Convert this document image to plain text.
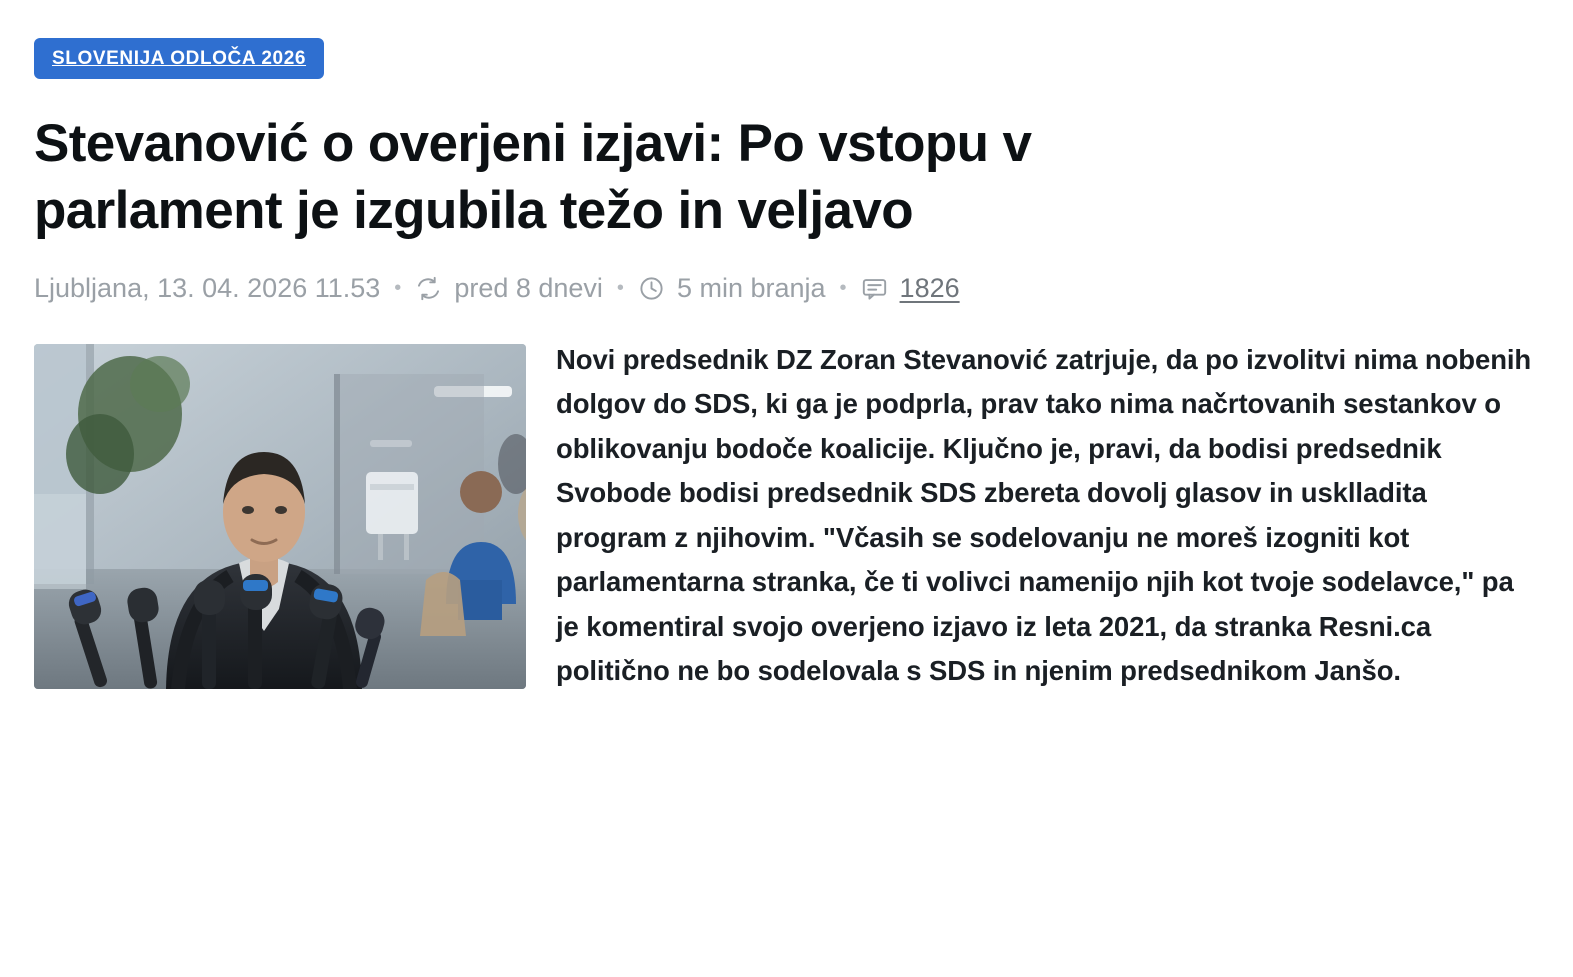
SLOVENIJA ODLOČA 2026
Stevanović o overjeni izjavi: Po vstopu v parlament je izgubila težo in veljavo
Ljubljana, 13. 04. 2026 11.53 • pred 8 dnevi • 5 min branja • 1826

Novi predsednik DZ Zoran Stevanović zatrjuje, da po izvolitvi nima nobenih dolgov do SDS, ki ga je podprla, prav tako nima načrtovanih sestankov o oblikovanju bodoče koalicije. Ključno je, pravi, da bodisi predsednik Svobode bodisi predsednik SDS zbereta dovolj glasov in usklladita program z njihovim. "Včasih se sodelovanju ne moreš izogniti kot parlamentarna stranka, če ti volivci namenijo njih kot tvoje sodelavce," pa je komentiral svojo overjeno izjavo iz leta 2021, da stranka Resni.ca politično ne bo sodelovala s SDS in njenim predsednikom Janšo.
